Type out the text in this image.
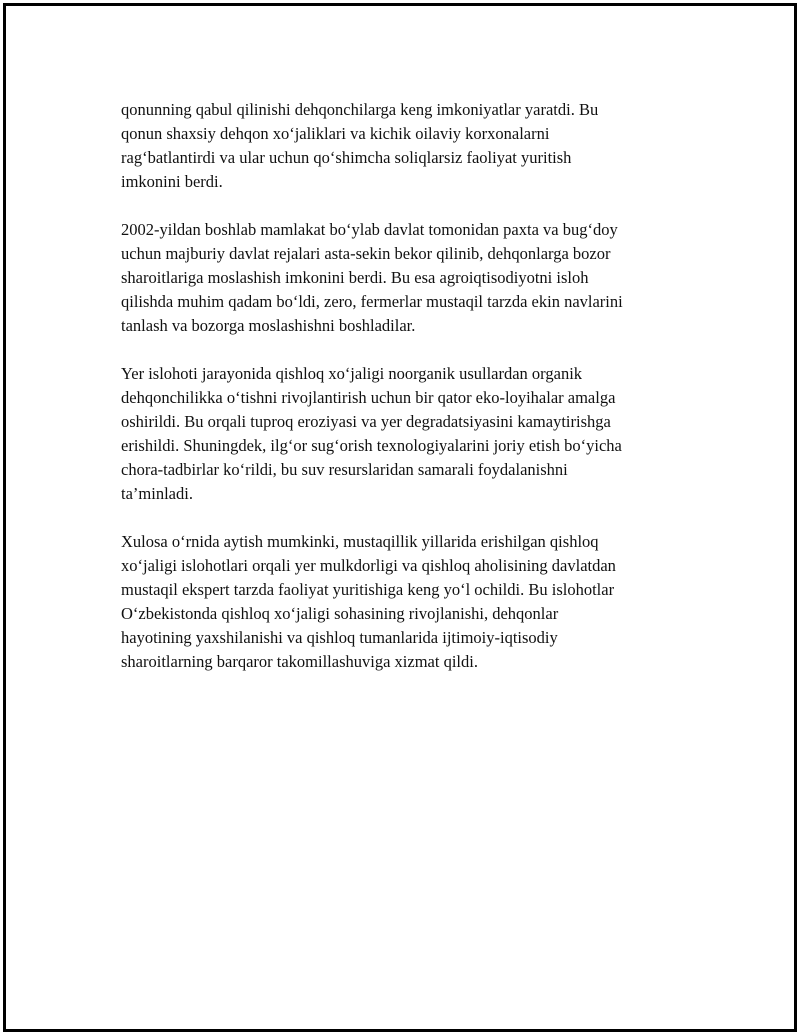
qonunning qabul qilinishi dehqonchilarga keng imkoniyatlar yaratdi. Bu
qonun shaxsiy dehqon xo‘jaliklari va kichik oilaviy korxonalarni
rag‘batlantirdi va ular uchun qo‘shimcha soliqlarsiz faoliyat yuritish
imkonini berdi.

2002-yildan boshlab mamlakat bo‘ylab davlat tomonidan paxta va bug‘doy
uchun majburiy davlat rejalari asta-sekin bekor qilinib, dehqonlarga bozor
sharoitlariga moslashish imkonini berdi. Bu esa agroiqtisodiyotni isloh
qilishda muhim qadam bo‘ldi, zero, fermerlar mustaqil tarzda ekin navlarini
tanlash va bozorga moslashishni boshladilar.

Yer islohoti jarayonida qishloq xo‘jaligi noorganik usullardan organik
dehqonchilikka o‘tishni rivojlantirish uchun bir qator eko-loyihalar amalga
oshirildi. Bu orqali tuproq eroziyasi va yer degradatsiyasini kamaytirishga
erishildi. Shuningdek, ilg‘or sug‘orish texnologiyalarini joriy etish bo‘yicha
chora-tadbirlar ko‘rildi, bu suv resurslaridan samarali foydalanishni
ta’minladi.

Xulosa o‘rnida aytish mumkinki, mustaqillik yillarida erishilgan qishloq
xo‘jaligi islohotlari orqali yer mulkdorligi va qishloq aholisining davlatdan
mustaqil ekspert tarzda faoliyat yuritishiga keng yo‘l ochildi. Bu islohotlar
O‘zbekistonda qishloq xo‘jaligi sohasining rivojlanishi, dehqonlar
hayotining yaxshilanishi va qishloq tumanlarida ijtimoiy-iqtisodiy
sharoitlarning barqaror takomillashuviga xizmat qildi.
